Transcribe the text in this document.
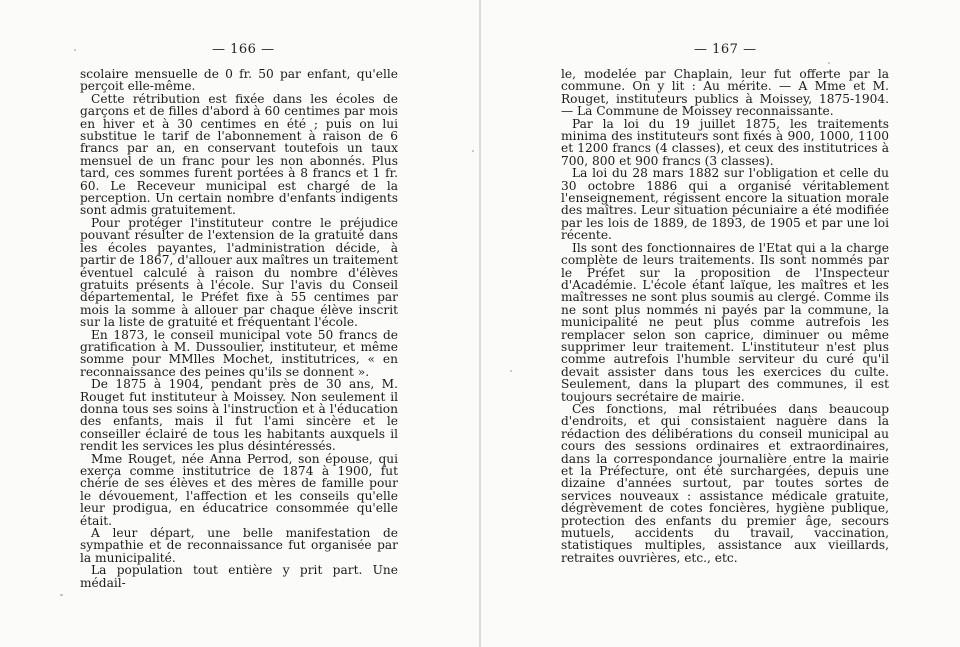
— 166 —

scolaire mensuelle de 0 fr. 50 par enfant, qu'elle perçoit elle-même.

Cette rétribution est fixée dans les écoles de garçons et de filles d'abord à 60 centimes par mois en hiver et à 30 centimes en été ; puis on lui substitue le tarif de l'abonnement à raison de 6 francs par an, en conservant toutefois un taux mensuel de un franc pour les non abonnés. Plus tard, ces sommes furent portées à 8 francs et 1 fr. 60. Le Receveur municipal est chargé de la perception. Un certain nombre d'enfants indigents sont admis gratuitement.

Pour protéger l'instituteur contre le préjudice pouvant résulter de l'extension de la gratuité dans les écoles payantes, l'administration décide, à partir de 1867, d'allouer aux maîtres un traitement éventuel calculé à raison du nombre d'élèves gratuits présents à l'école. Sur l'avis du Conseil départemental, le Préfet fixe à 55 centimes par mois la somme à allouer par chaque élève inscrit sur la liste de gratuité et fréquentant l'école.

En 1873, le conseil municipal vote 50 francs de gratification à M. Dussoulier, instituteur, et même somme pour MMlles Mochet, institutrices, « en reconnaissance des peines qu'ils se donnent ».

De 1875 à 1904, pendant près de 30 ans, M. Rouget fut instituteur à Moissey. Non seulement il donna tous ses soins à l'instruction et à l'éducation des enfants, mais il fut l'ami sincère et le conseiller éclairé de tous les habitants auxquels il rendit les services les plus désintéressés.

Mme Rouget, née Anna Perrod, son épouse, qui exerça comme institutrice de 1874 à 1900, fut chérie de ses élèves et des mères de famille pour le dévouement, l'affection et les conseils qu'elle leur prodigua, en éducatrice consommée qu'elle était.

A leur départ, une belle manifestation de sympathie et de reconnaissance fut organisée par la municipalité.

La population tout entière y prit part. Une médail-

— 167 —

le, modelée par Chaplain, leur fut offerte par la commune. On y lit : Au mérite. — A Mme et M. Rouget, instituteurs publics à Moissey, 1875-1904. — La Commune de Moissey reconnaissante.

Par la loi du 19 juillet 1875, les traitements minima des instituteurs sont fixés à 900, 1000, 1100 et 1200 francs (4 classes), et ceux des institutrices à 700, 800 et 900 francs (3 classes).

La loi du 28 mars 1882 sur l'obligation et celle du 30 octobre 1886 qui a organisé véritablement l'enseignement, régissent encore la situation morale des maîtres. Leur situation pécuniaire a été modifiée par les lois de 1889, de 1893, de 1905 et par une loi récente.

Ils sont des fonctionnaires de l'Etat qui a la charge complète de leurs traitements. Ils sont nommés par le Préfet sur la proposition de l'Inspecteur d'Académie. L'école étant laïque, les maîtres et les maîtresses ne sont plus soumis au clergé. Comme ils ne sont plus nommés ni payés par la commune, la municipalité ne peut plus comme autrefois les remplacer selon son caprice, diminuer ou même supprimer leur traitement. L'instituteur n'est plus comme autrefois l'humble serviteur du curé qu'il devait assister dans tous les exercices du culte. Seulement, dans la plupart des communes, il est toujours secrétaire de mairie.

Ces fonctions, mal rétribuées dans beaucoup d'endroits, et qui consistaient naguère dans la rédaction des délibérations du conseil municipal au cours des sessions ordinaires et extraordinaires, dans la correspondance journalière entre la mairie et la Préfecture, ont été surchargées, depuis une dizaine d'années surtout, par toutes sortes de services nouveaux : assistance médicale gratuite, dégrèvement de cotes foncières, hygiène publique, protection des enfants du premier âge, secours mutuels, accidents du travail, vaccination, statistiques multiples, assistance aux vieillards, retraites ouvrières, etc., etc.
